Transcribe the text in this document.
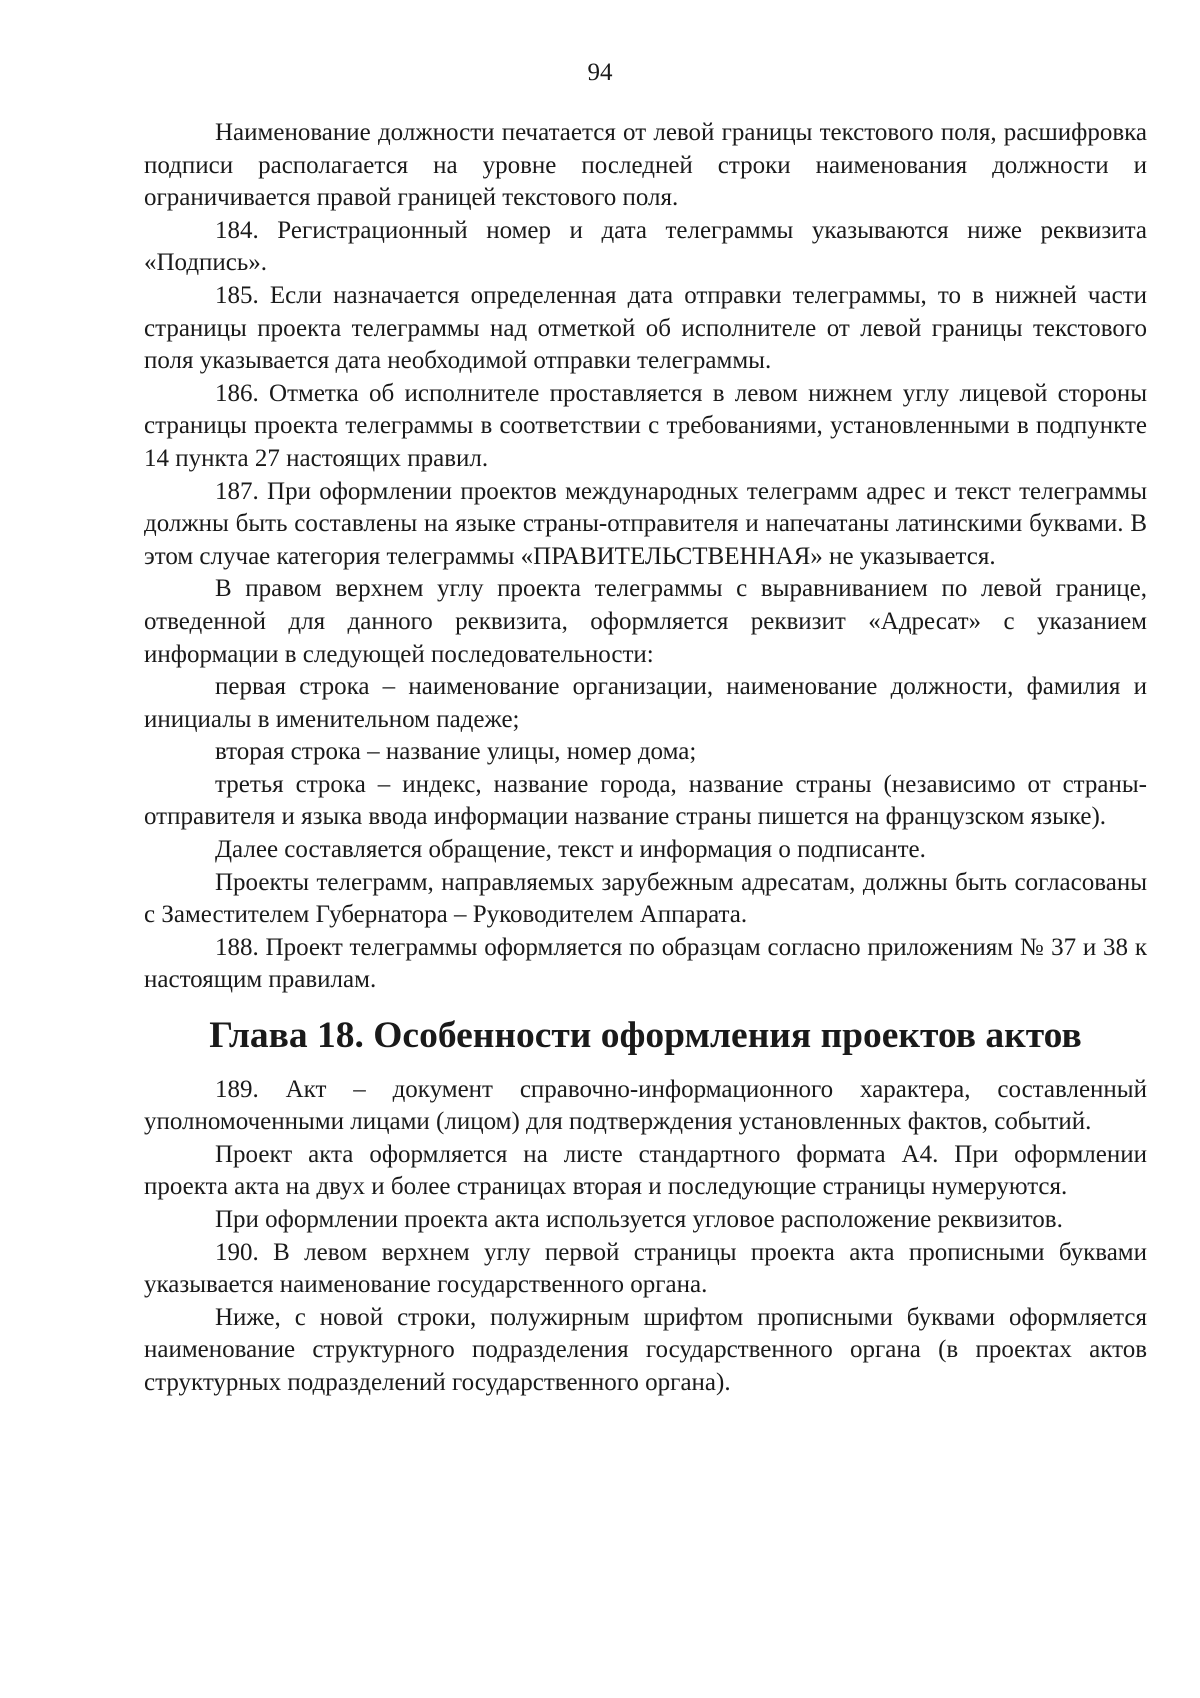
94

Наименование должности печатается от левой границы текстового поля, расшифровка подписи располагается на уровне последней строки наименования должности и ограничивается правой границей текстового поля.

184. Регистрационный номер и дата телеграммы указываются ниже реквизита «Подпись».

185. Если назначается определенная дата отправки телеграммы, то в нижней части страницы проекта телеграммы над отметкой об исполнителе от левой границы текстового поля указывается дата необходимой отправки телеграммы.

186. Отметка об исполнителе проставляется в левом нижнем углу лицевой стороны страницы проекта телеграммы в соответствии с требованиями, установленными в подпункте 14 пункта 27 настоящих правил.

187. При оформлении проектов международных телеграмм адрес и текст телеграммы должны быть составлены на языке страны-отправителя и напечатаны латинскими буквами. В этом случае категория телеграммы «ПРАВИТЕЛЬСТВЕННАЯ» не указывается.

В правом верхнем углу проекта телеграммы с выравниванием по левой границе, отведенной для данного реквизита, оформляется реквизит «Адресат» с указанием информации в следующей последовательности:

первая строка – наименование организации, наименование должности, фамилия и инициалы в именительном падеже;

вторая строка – название улицы, номер дома;

третья строка – индекс, название города, название страны (независимо от страны-отправителя и языка ввода информации название страны пишется на французском языке).

Далее составляется обращение, текст и информация о подписанте.

Проекты телеграмм, направляемых зарубежным адресатам, должны быть согласованы с Заместителем Губернатора – Руководителем Аппарата.

188. Проект телеграммы оформляется по образцам согласно приложениям № 37 и 38 к настоящим правилам.

Глава 18. Особенности оформления проектов актов

189. Акт – документ справочно-информационного характера, составленный уполномоченными лицами (лицом) для подтверждения установленных фактов, событий.

Проект акта оформляется на листе стандартного формата А4. При оформлении проекта акта на двух и более страницах вторая и последующие страницы нумеруются.

При оформлении проекта акта используется угловое расположение реквизитов.

190. В левом верхнем углу первой страницы проекта акта прописными буквами указывается наименование государственного органа.

Ниже, с новой строки, полужирным шрифтом прописными буквами оформляется наименование структурного подразделения государственного органа (в проектах актов структурных подразделений государственного органа).
